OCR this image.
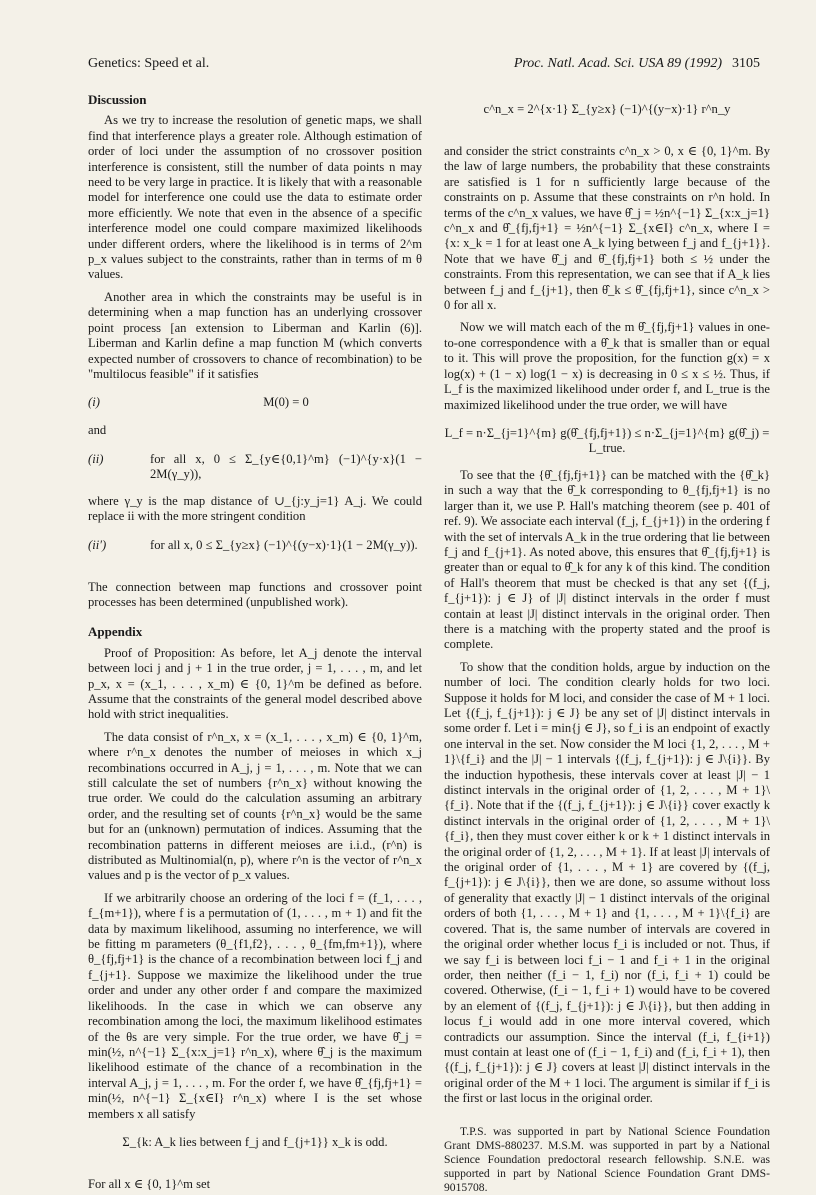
Genetics: Speed et al.	Proc. Natl. Acad. Sci. USA 89 (1992) 3105
Discussion

As we try to increase the resolution of genetic maps, we shall find that interference plays a greater role. Although estimation of order of loci under the assumption of no crossover position interference is consistent, still the number of data points n may need to be very large in practice. It is likely that with a reasonable model for interference one could use the data to estimate order more efficiently. We note that even in the absence of a specific interference model one could compare maximized likelihoods under different orders, where the likelihood is in terms of 2^m p_x values subject to the constraints, rather than in terms of m θ values.

Another area in which the constraints may be useful is in determining when a map function has an underlying crossover point process [an extension to Liberman and Karlin (6)]. Liberman and Karlin define a map function M (which converts expected number of crossovers to chance of recombination) to be "multilocus feasible" if it satisfies

(i)	M(0) = 0

and

(ii)	for all x, 0 ≤ Σ_{y∈{0,1}^m} (−1)^{y·x}(1 − 2M(γ_y)),

where γ_y is the map distance of ∪_{j:y_j=1} A_j. We could replace ii with the more stringent condition

(ii′)	for all x, 0 ≤ Σ_{y≥x} (−1)^{(y−x)·1}(1 − 2M(γ_y)).

The connection between map functions and crossover point processes has been determined (unpublished work).

Appendix

Proof of Proposition: As before, let A_j denote the interval between loci j and j + 1 in the true order, j = 1, . . . , m, and let p_x, x = (x_1, . . . , x_m) ∈ {0, 1}^m be defined as before. Assume that the constraints of the general model described above hold with strict inequalities.

The data consist of r^n_x, x = (x_1, . . . , x_m) ∈ {0, 1}^m, where r^n_x denotes the number of meioses in which x_j recombinations occurred in A_j, j = 1, . . . , m. Note that we can still calculate the set of numbers {r^n_x} without knowing the true order. We could do the calculation assuming an arbitrary order, and the resulting set of counts {r^n_x} would be the same but for an (unknown) permutation of indices. Assuming that the recombination patterns in different meioses are i.i.d., (r^n) is distributed as Multinomial(n, p), where r^n is the vector of r^n_x values and p is the vector of p_x values.

If we arbitrarily choose an ordering of the loci f = (f_1, . . . , f_{m+1}), where f is a permutation of (1, . . . , m + 1) and fit the data by maximum likelihood, assuming no interference, we will be fitting m parameters (θ_{f1,f2}, . . . , θ_{fm,fm+1}), where θ_{fj,fj+1} is the chance of a recombination between loci f_j and f_{j+1}. Suppose we maximize the likelihood under the true order and under any other order f and compare the maximized likelihoods. In the case in which we can observe any recombination among the loci, the maximum likelihood estimates of the θs are very simple. For the true order, we have θ̂_j = min(½, n^{−1} Σ_{x:x_j=1} r^n_x), where θ̂_j is the maximum likelihood estimate of the chance of a recombination in the interval A_j, j = 1, . . . , m. For the order f, we have θ̂_{fj,fj+1} = min(½, n^{−1} Σ_{x∈I} r^n_x) where I is the set whose members x all satisfy

Σ_{k: A_k lies between f_j and f_{j+1}} x_k is odd.

For all x ∈ {0, 1}^m set

c^n_x = 2^{x·1} Σ_{y≥x} (−1)^{(y−x)·1} r^n_y

and consider the strict constraints c^n_x > 0, x ∈ {0, 1}^m. By the law of large numbers, the probability that these constraints are satisfied is 1 for n sufficiently large because of the constraints on p. Assume that these constraints on r^n hold. In terms of the c^n_x values, we have θ̂_j = ½n^{−1} Σ_{x:x_j=1} c^n_x and θ̂_{fj,fj+1} = ½n^{−1} Σ_{x∈I} c^n_x, where I = {x: x_k = 1 for at least one A_k lying between f_j and f_{j+1}}. Note that we have θ̂_j and θ̂_{fj,fj+1} both ≤ ½ under the constraints. From this representation, we can see that if A_k lies between f_j and f_{j+1}, then θ̂_k ≤ θ̂_{fj,fj+1}, since c^n_x > 0 for all x.

Now we will match each of the m θ̂_{fj,fj+1} values in one-to-one correspondence with a θ̂_k that is smaller than or equal to it. This will prove the proposition, for the function g(x) = x log(x) + (1 − x) log(1 − x) is decreasing in 0 ≤ x ≤ ½. Thus, if L_f is the maximized likelihood under order f, and L_true is the maximized likelihood under the true order, we will have

L_f = n·Σ_{j=1}^{m} g(θ̂_{fj,fj+1}) ≤ n·Σ_{j=1}^{m} g(θ̂_j) = L_true.

To see that the {θ̂_{fj,fj+1}} can be matched with the {θ̂_k} in such a way that the θ̂_k corresponding to θ_{fj,fj+1} is no larger than it, we use P. Hall's matching theorem (see p. 401 of ref. 9). We associate each interval (f_j, f_{j+1}) in the ordering f with the set of intervals A_k in the true ordering that lie between f_j and f_{j+1}. As noted above, this ensures that θ̂_{fj,fj+1} is greater than or equal to θ̂_k for any k of this kind. The condition of Hall's theorem that must be checked is that any set {(f_j, f_{j+1}): j ∈ J} of |J| distinct intervals in the order f must contain at least |J| distinct intervals in the original order. Then there is a matching with the property stated and the proof is complete.

To show that the condition holds, argue by induction on the number of loci. The condition clearly holds for two loci. Suppose it holds for M loci, and consider the case of M + 1 loci. Let {(f_j, f_{j+1}): j ∈ J} be any set of |J| distinct intervals in some order f. Let i = min{j ∈ J}, so f_i is an endpoint of exactly one interval in the set. Now consider the M loci {1, 2, . . . , M + 1}\{f_i} and the |J| − 1 intervals {(f_j, f_{j+1}): j ∈ J\{i}}. By the induction hypothesis, these intervals cover at least |J| − 1 distinct intervals in the original order of {1, 2, . . . , M + 1}\{f_i}. Note that if the {(f_j, f_{j+1}): j ∈ J\{i}} cover exactly k distinct intervals in the original order of {1, 2, . . . , M + 1}\{f_i}, then they must cover either k or k + 1 distinct intervals in the original order of {1, 2, . . . , M + 1}. If at least |J| intervals of the original order of {1, . . . , M + 1} are covered by {(f_j, f_{j+1}): j ∈ J\{i}}, then we are done, so assume without loss of generality that exactly |J| − 1 distinct intervals of the original orders of both {1, . . . , M + 1} and {1, . . . , M + 1}\{f_i} are covered. That is, the same number of intervals are covered in the original order whether locus f_i is included or not. Thus, if we say f_i is between loci f_i − 1 and f_i + 1 in the original order, then neither (f_i − 1, f_i) nor (f_i, f_i + 1) could be covered. Otherwise, (f_i − 1, f_i + 1) would have to be covered by an element of {(f_j, f_{j+1}): j ∈ J\{i}}, but then adding in locus f_i would add in one more interval covered, which contradicts our assumption. Since the interval (f_i, f_{i+1}) must contain at least one of (f_i − 1, f_i) and (f_i, f_i + 1), then {(f_j, f_{j+1}): j ∈ J} covers at least |J| distinct intervals in the original order of the M + 1 loci. The argument is similar if f_i is the first or last locus in the original order.

T.P.S. was supported in part by National Science Foundation Grant DMS-880237. M.S.M. was supported in part by a National Science Foundation predoctoral research fellowship. S.N.E. was supported in part by National Science Foundation Grant DMS-9015708.
